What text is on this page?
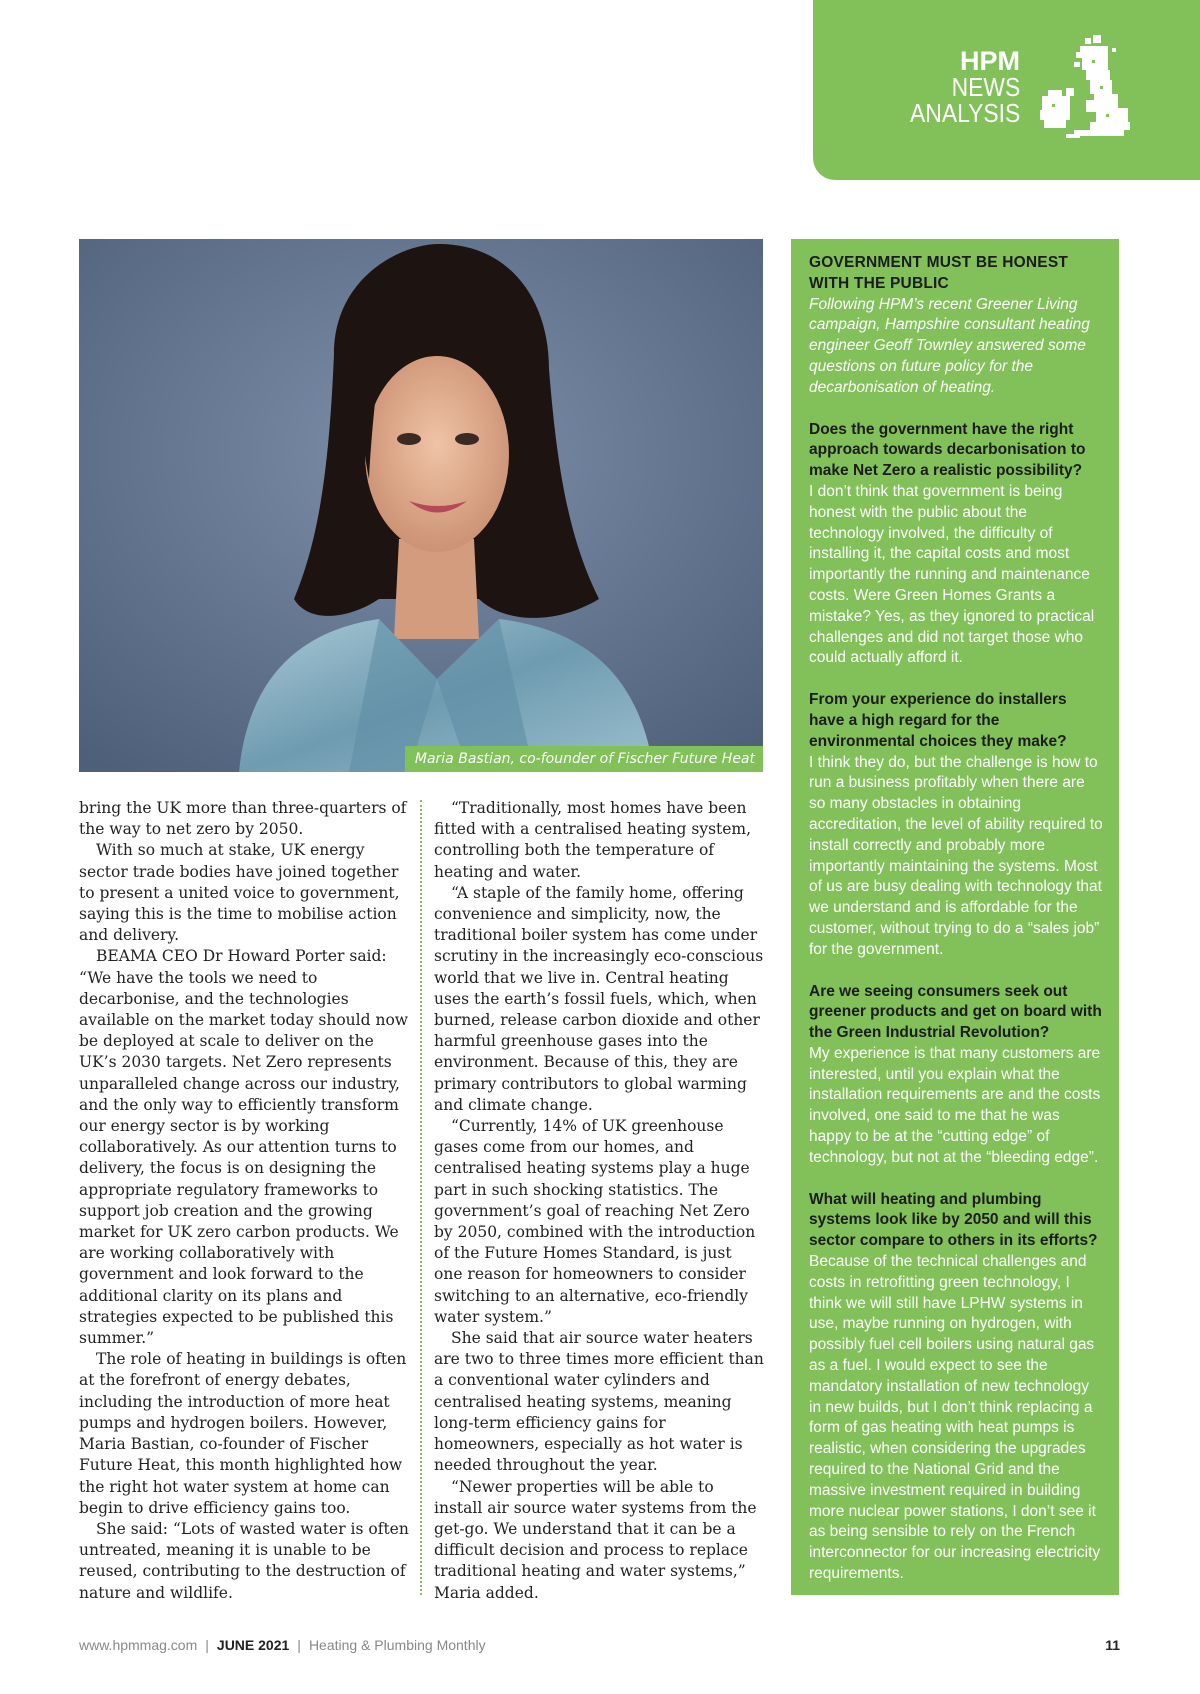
HPM
NEWS
ANALYSIS
Maria Bastian, co-founder of Fischer Future Heat

bring the UK more than three-quarters of the way to net zero by 2050.

With so much at stake, UK energy sector trade bodies have joined together to present a united voice to government, saying this is the time to mobilise action and delivery.

BEAMA CEO Dr Howard Porter said: “We have the tools we need to decarbonise, and the technologies available on the market today should now be deployed at scale to deliver on the UK’s 2030 targets. Net Zero represents unparalleled change across our industry, and the only way to efficiently transform our energy sector is by working collaboratively. As our attention turns to delivery, the focus is on designing the appropriate regulatory frameworks to support job creation and the growing market for UK zero carbon products. We are working collaboratively with government and look forward to the additional clarity on its plans and strategies expected to be published this summer.”

The role of heating in buildings is often at the forefront of energy debates, including the introduction of more heat pumps and hydrogen boilers. However, Maria Bastian, co-founder of Fischer Future Heat, this month highlighted how the right hot water system at home can begin to drive efficiency gains too.

She said: “Lots of wasted water is often untreated, meaning it is unable to be reused, contributing to the destruction of nature and wildlife.

“Traditionally, most homes have been fitted with a centralised heating system, controlling both the temperature of heating and water.

“A staple of the family home, offering convenience and simplicity, now, the traditional boiler system has come under scrutiny in the increasingly eco-conscious world that we live in. Central heating uses the earth’s fossil fuels, which, when burned, release carbon dioxide and other harmful greenhouse gases into the environment. Because of this, they are primary contributors to global warming and climate change.

“Currently, 14% of UK greenhouse gases come from our homes, and centralised heating systems play a huge part in such shocking statistics. The government’s goal of reaching Net Zero by 2050, combined with the introduction of the Future Homes Standard, is just one reason for homeowners to consider switching to an alternative, eco-friendly water system.”

She said that air source water heaters are two to three times more efficient than a conventional water cylinders and centralised heating systems, meaning long-term efficiency gains for homeowners, especially as hot water is needed throughout the year.

“Newer properties will be able to install air source water systems from the get-go. We understand that it can be a difficult decision and process to replace traditional heating and water systems,” Maria added.

GOVERNMENT MUST BE HONEST WITH THE PUBLIC
Following HPM’s recent Greener Living campaign, Hampshire consultant heating engineer Geoff Townley answered some questions on future policy for the decarbonisation of heating.
Does the government have the right approach towards decarbonisation to make Net Zero a realistic possibility?
I don’t think that government is being honest with the public about the technology involved, the difficulty of installing it, the capital costs and most importantly the running and maintenance costs. Were Green Homes Grants a mistake? Yes, as they ignored to practical challenges and did not target those who could actually afford it.
From your experience do installers have a high regard for the environmental choices they make?
I think they do, but the challenge is how to run a business profitably when there are so many obstacles in obtaining accreditation, the level of ability required to install correctly and probably more importantly maintaining the systems. Most of us are busy dealing with technology that we understand and is affordable for the customer, without trying to do a “sales job” for the government.
Are we seeing consumers seek out greener products and get on board with the Green Industrial Revolution?
My experience is that many customers are interested, until you explain what the installation requirements are and the costs involved, one said to me that he was happy to be at the “cutting edge” of technology, but not at the “bleeding edge”.
What will heating and plumbing systems look like by 2050 and will this sector compare to others in its efforts?
Because of the technical challenges and costs in retrofitting green technology, I think we will still have LPHW systems in use, maybe running on hydrogen, with possibly fuel cell boilers using natural gas as a fuel. I would expect to see the mandatory installation of new technology in new builds, but I don’t think replacing a form of gas heating with heat pumps is realistic, when considering the upgrades required to the National Grid and the massive investment required in building more nuclear power stations, I don’t see it as being sensible to rely on the French interconnector for our increasing electricity requirements.
www.hpmmag.com | JUNE 2021 | Heating & Plumbing Monthly	11
